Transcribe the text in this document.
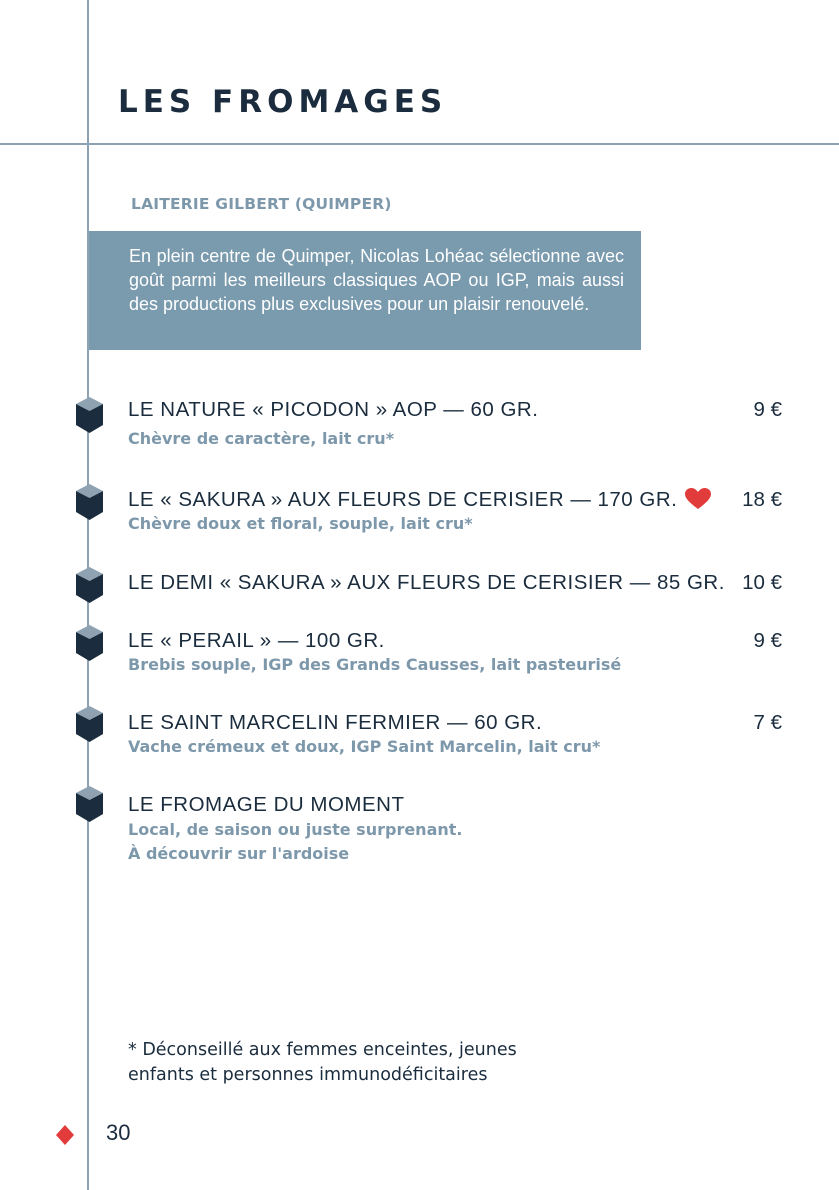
LES FROMAGES
LAITERIE GILBERT (QUIMPER)

En plein centre de Quimper, Nicolas Lohéac sélectionne avec goût parmi les meilleurs classiques AOP ou IGP, mais aussi des productions plus exclusives pour un plaisir renouvelé.

LE NATURE « PICODON » AOP — 60 GR.	9 €

Chèvre de caractère, lait cru*

LE « SAKURA » AUX FLEURS DE CERISIER — 170 GR.	18 €

Chèvre doux et floral, souple, lait cru*

LE DEMI « SAKURA » AUX FLEURS DE CERISIER — 85 GR. 10 €

LE « PERAIL » — 100 GR.	9 €

Brebis souple, IGP des Grands Causses, lait pasteurisé

LE SAINT MARCELIN FERMIER — 60 GR.	7 €

Vache crémeux et doux, IGP Saint Marcelin, lait cru*

LE FROMAGE DU MOMENT

Local, de saison ou juste surprenant.
À découvrir sur l'ardoise

* Déconseillé aux femmes enceintes, jeunes
enfants et personnes immunodéficitaires

30
